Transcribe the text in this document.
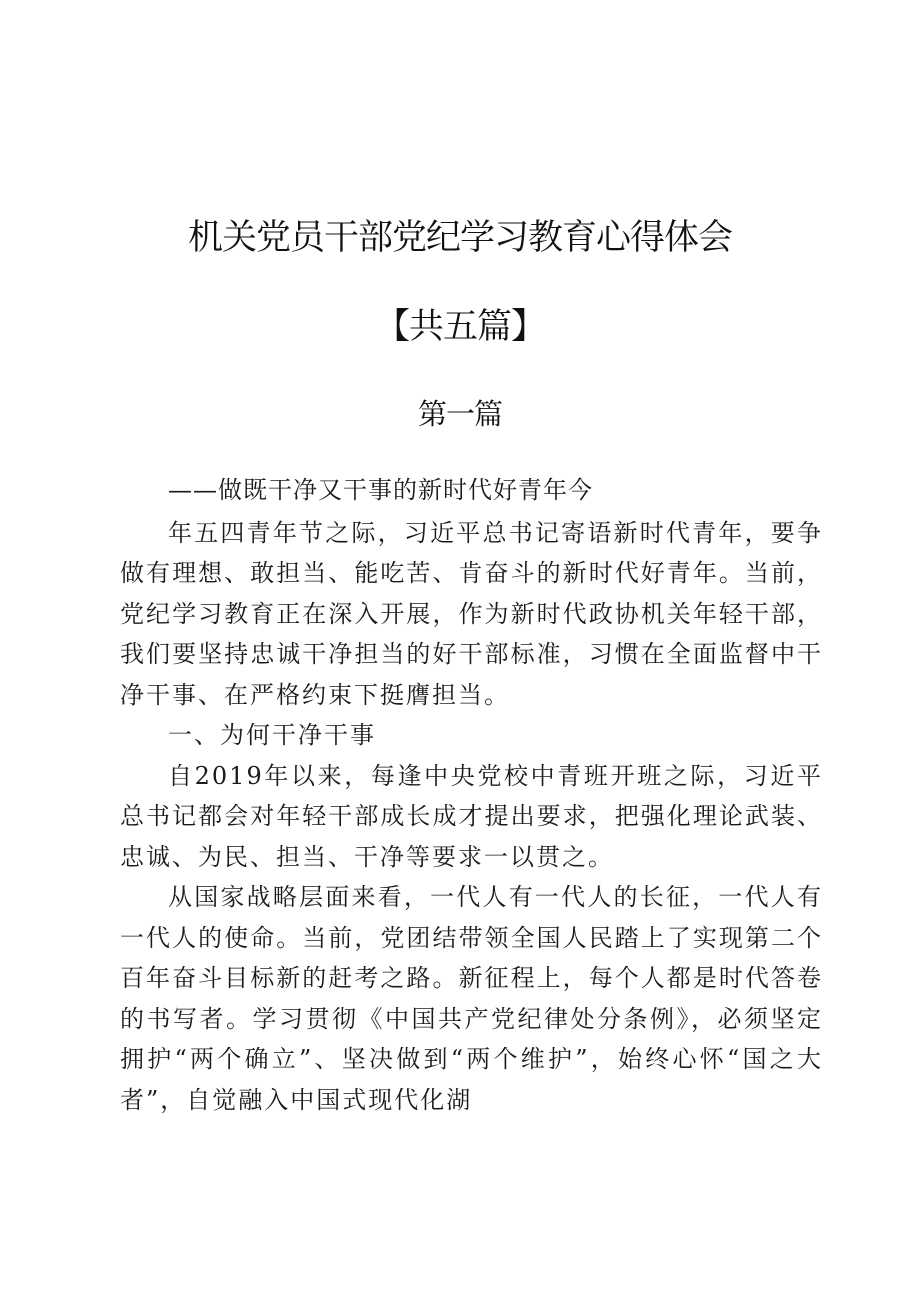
机关党员干部党纪学习教育心得体会
【共五篇】
第一篇

——做既干净又干事的新时代好青年今

年五四青年节之际，习近平总书记寄语新时代青年，要争做有理想、敢担当、能吃苦、肯奋斗的新时代好青年。当前，党纪学习教育正在深入开展，作为新时代政协机关年轻干部，我们要坚持忠诚干净担当的好干部标准，习惯在全面监督中干净干事、在严格约束下挺膺担当。

一、为何干净干事

自2019年以来，每逢中央党校中青班开班之际，习近平总书记都会对年轻干部成长成才提出要求，把强化理论武装、忠诚、为民、担当、干净等要求一以贯之。

从国家战略层面来看，一代人有一代人的长征，一代人有一代人的使命。当前，党团结带领全国人民踏上了实现第二个百年奋斗目标新的赶考之路。新征程上，每个人都是时代答卷的书写者。学习贯彻《中国共产党纪律处分条例》，必须坚定拥护“两个确立”、坚决做到“两个维护”，始终心怀“国之大者”，自觉融入中国式现代化湖
